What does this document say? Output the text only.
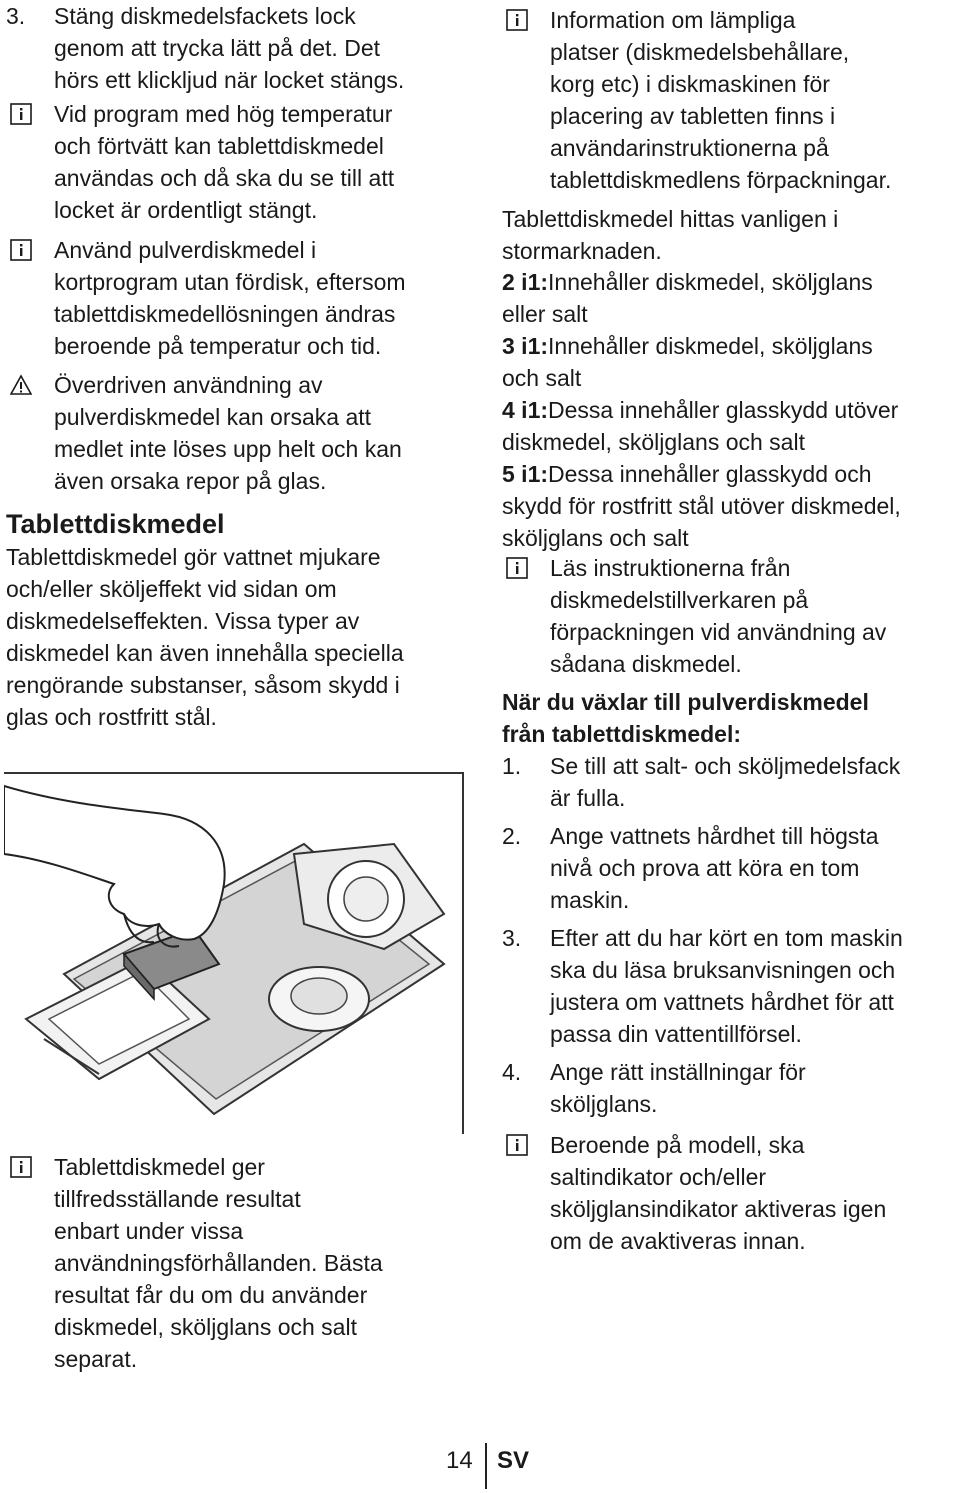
3. Stäng diskmedelsfackets lock
genom att trycka lätt på det. Det
hörs ett klickljud när locket stängs.
Vid program med hög temperatur
och förtvätt kan tablettdiskmedel
användas och då ska du se till att
locket är ordentligt stängt.
Använd pulverdiskmedel i
kortprogram utan fördisk, eftersom
tablettdiskmedellösningen ändras
beroende på temperatur och tid.
Överdriven användning av
pulverdiskmedel kan orsaka att
medlet inte löses upp helt och kan
även orsaka repor på glas.
Tablettdiskmedel
Tablettdiskmedel gör vattnet mjukare
och/eller sköljeffekt vid sidan om
diskmedelseffekten. Vissa typer av
diskmedel kan även innehålla speciella
rengörande substanser, såsom skydd i
glas och rostfritt stål.
Tablettdiskmedel ger
tillfredsställande resultat
enbart under vissa
användningsförhållanden. Bästa
resultat får du om du använder
diskmedel, sköljglans och salt
separat.
Information om lämpliga
platser (diskmedelsbehållare,
korg etc) i diskmaskinen för
placering av tabletten finns i
användarinstruktionerna på
tablettdiskmedlens förpackningar.
Tablettdiskmedel hittas vanligen i
stormarknaden.
2 i1:Innehåller diskmedel, sköljglans
eller salt
3 i1:Innehåller diskmedel, sköljglans
och salt
4 i1:Dessa innehåller glasskydd utöver
diskmedel, sköljglans och salt
5 i1:Dessa innehåller glasskydd och
skydd för rostfritt stål utöver diskmedel,
sköljglans och salt
Läs instruktionerna från
diskmedelstillverkaren på
förpackningen vid användning av
sådana diskmedel.
När du växlar till pulverdiskmedel
från tablettdiskmedel:
1. Se till att salt- och sköljmedelsfack
är fulla.
2. Ange vattnets hårdhet till högsta
nivå och prova att köra en tom
maskin.
3. Efter att du har kört en tom maskin
ska du läsa bruksanvisningen och
justera om vattnets hårdhet för att
passa din vattentillförsel.
4. Ange rätt inställningar för
sköljglans.
Beroende på modell, ska
saltindikator och/eller
sköljglansindikator aktiveras igen
om de avaktiveras innan.
14 SV
